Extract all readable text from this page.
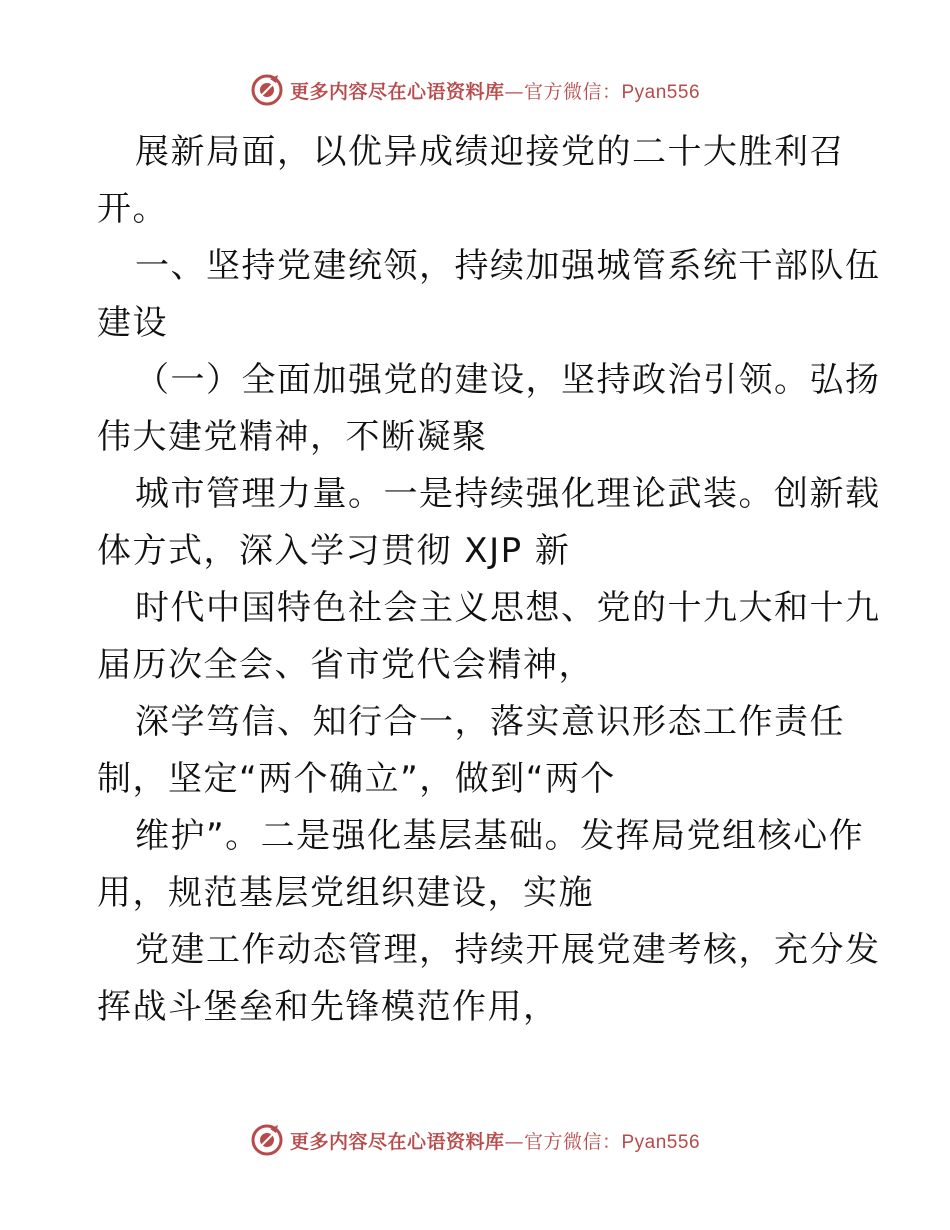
更多内容尽在心语资料库—官方微信：Pyan556
展新局面，以优异成绩迎接党的二十大胜利召
开。
一、坚持党建统领，持续加强城管系统干部队伍
建设
（一）全面加强党的建设，坚持政治引领。弘扬
伟大建党精神，不断凝聚
城市管理力量。一是持续强化理论武装。创新载
体方式，深入学习贯彻 XJP 新
时代中国特色社会主义思想、党的十九大和十九
届历次全会、省市党代会精神，
深学笃信、知行合一，落实意识形态工作责任
制，坚定“两个确立”，做到“两个
维护”。二是强化基层基础。发挥局党组核心作
用，规范基层党组织建设，实施
党建工作动态管理，持续开展党建考核，充分发
挥战斗堡垒和先锋模范作用，
更多内容尽在心语资料库—官方微信：Pyan556
